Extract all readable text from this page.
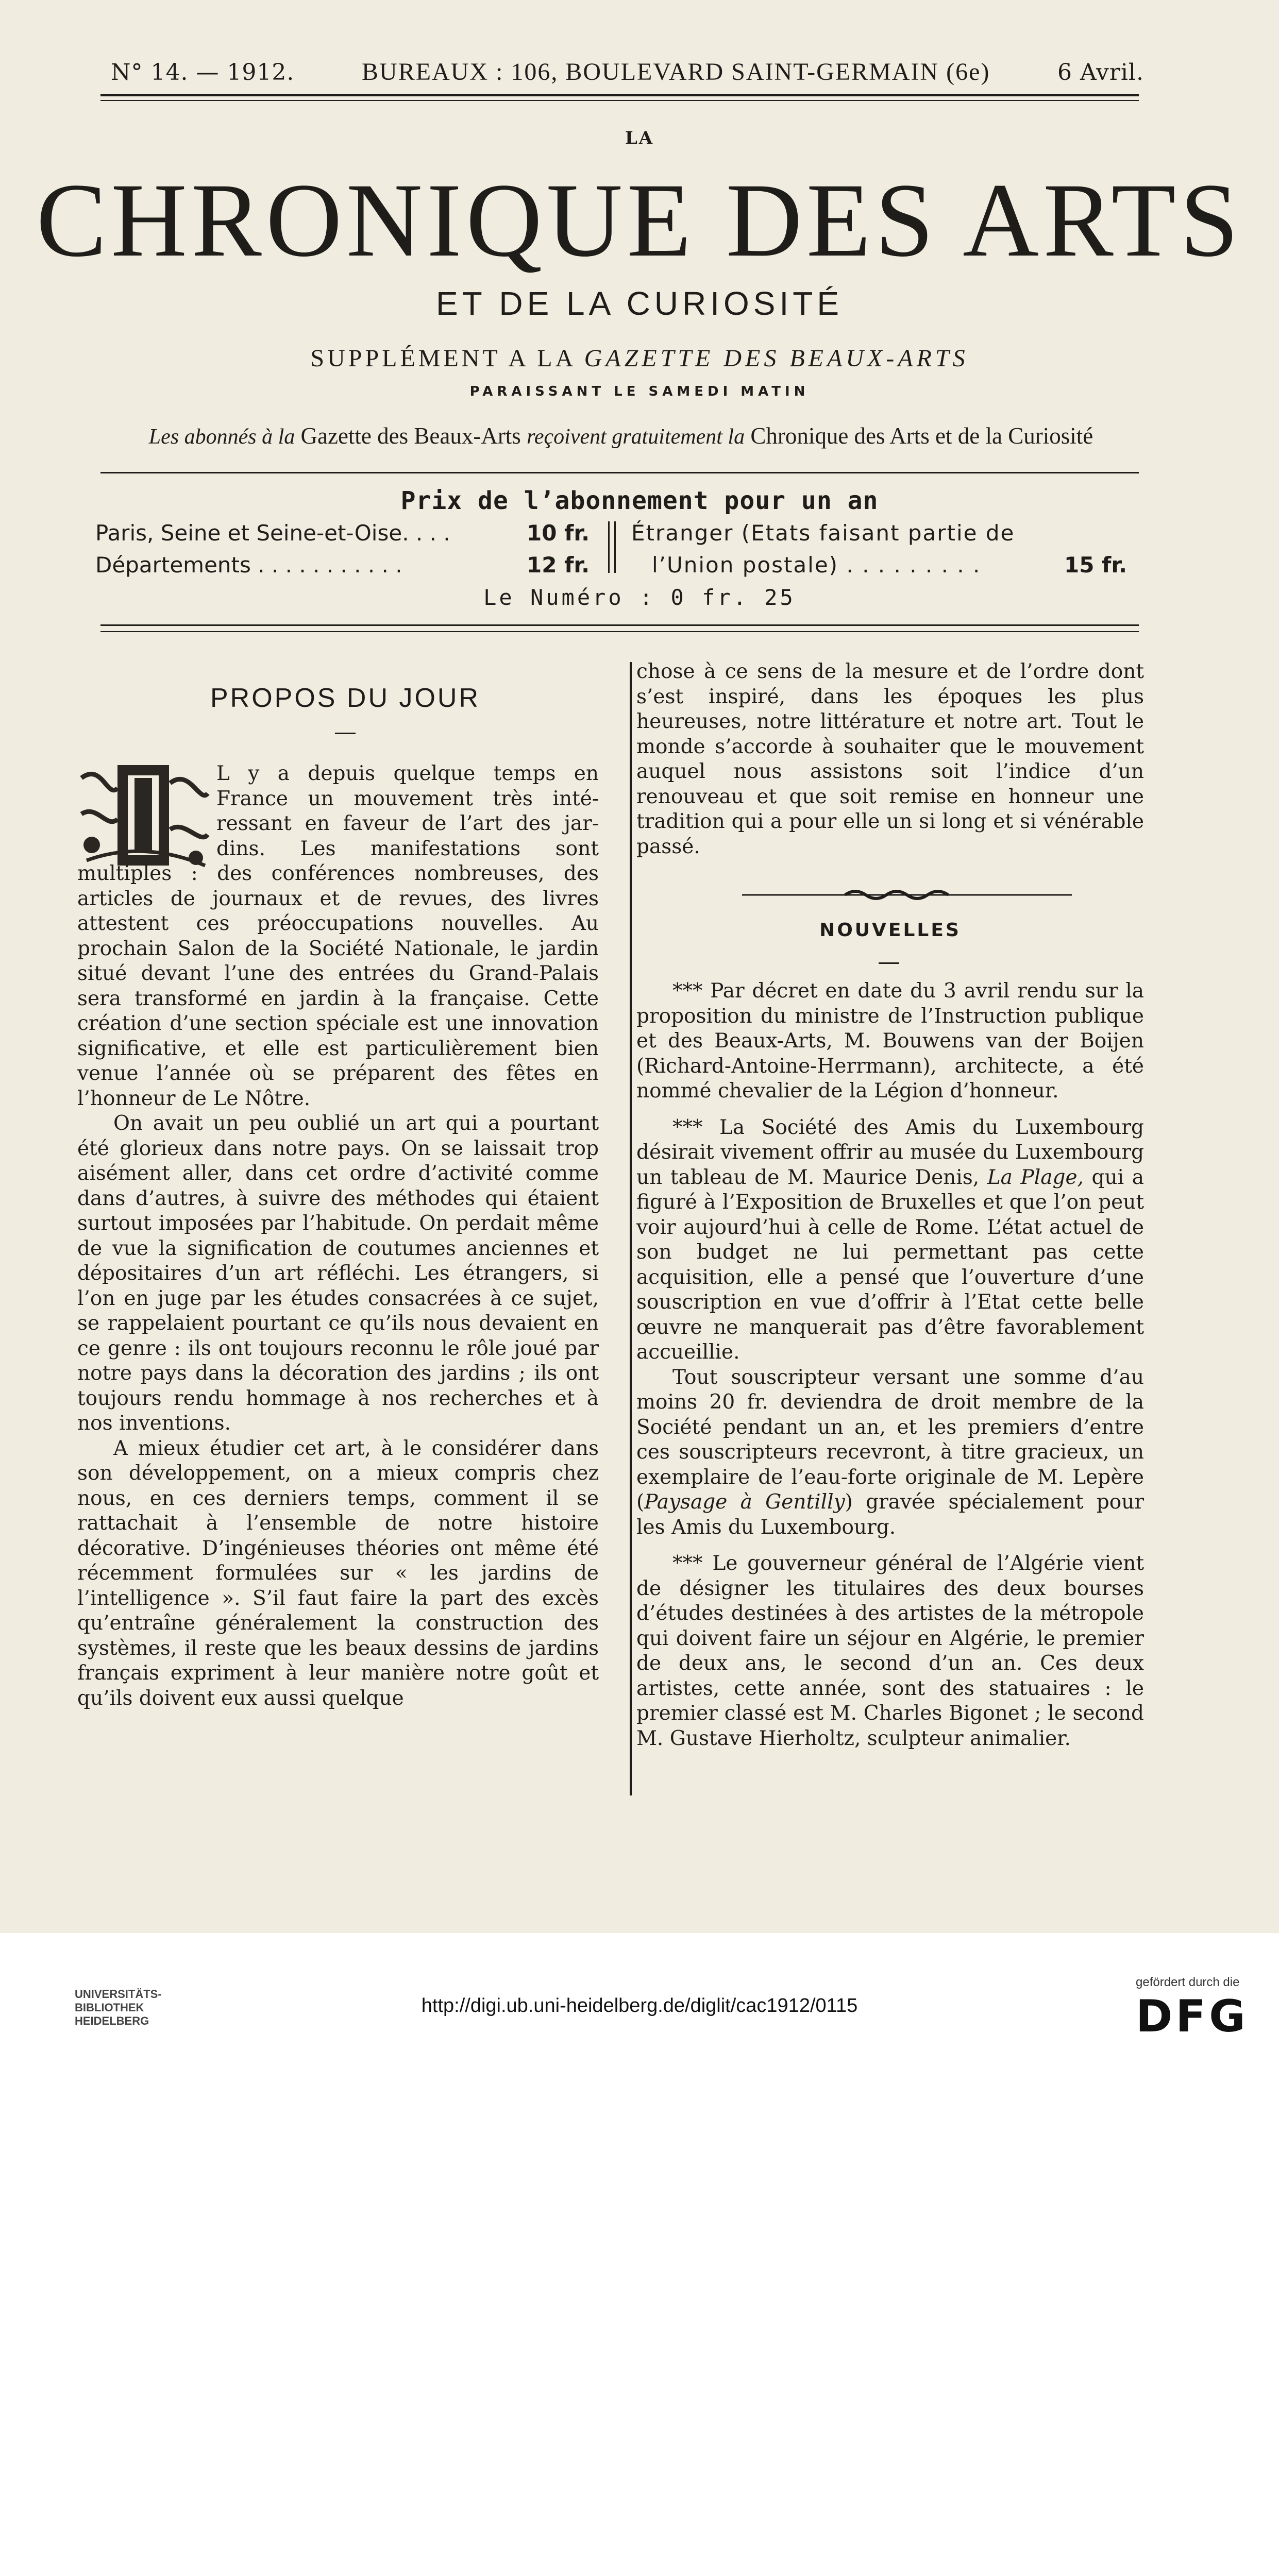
N° 14. — 1912.	BUREAUX : 106, BOULEVARD SAINT-GERMAIN (6e)	6 Avril.
LA
CHRONIQUE DES ARTS
ET DE LA CURIOSITÉ
SUPPLÉMENT A LA GAZETTE DES BEAUX-ARTS
PARAISSANT LE SAMEDI MATIN
Les abonnés à la Gazette des Beaux-Arts reçoivent gratuitement la Chronique des Arts et de la Curiosité
Prix de l’abonnement pour un an
Paris, Seine et Seine-et-Oise. . . .	10 fr.
Départements . . . . . . . . . . .	12 fr.
Étranger (Etats faisant partie de
l’Union postale) . . . . . . . . .	15 fr.
Le Numéro : 0 fr. 25
PROPOS DU JOUR

L y a depuis quelque temps en

France un mouvement très inté-

ressant en faveur de l’art des jar-

dins. Les manifestations sont

multiples : des conférences nombreuses, des articles de journaux et de revues, des livres attestent ces préoccupations nouvelles. Au prochain Salon de la Société Nationale, le jardin situé devant l’une des entrées du Grand-Palais sera transformé en jardin à la française. Cette création d’une section spéciale est une innovation significative, et elle est particulièrement bien venue l’année où se préparent des fêtes en l’honneur de Le Nôtre.

On avait un peu oublié un art qui a pourtant été glorieux dans notre pays. On se laissait trop aisément aller, dans cet ordre d’activité comme dans d’autres, à suivre des méthodes qui étaient surtout imposées par l’habitude. On perdait même de vue la signification de coutumes anciennes et dépositaires d’un art réfléchi. Les étrangers, si l’on en juge par les études consacrées à ce sujet, se rappelaient pourtant ce qu’ils nous devaient en ce genre : ils ont toujours reconnu le rôle joué par notre pays dans la décoration des jardins ; ils ont toujours rendu hommage à nos recherches et à nos inventions.

A mieux étudier cet art, à le considérer dans son développement, on a mieux compris chez nous, en ces derniers temps, comment il se rattachait à l’ensemble de notre histoire décorative. D’ingénieuses théories ont même été récemment formulées sur « les jardins de l’intelligence ». S’il faut faire la part des excès qu’entraîne généralement la construction des systèmes, il reste que les beaux dessins de jardins français expriment à leur manière notre goût et qu’ils doivent eux aussi quelque

chose à ce sens de la mesure et de l’ordre dont s’est inspiré, dans les époques les plus heureuses, notre littérature et notre art. Tout le monde s’accorde à souhaiter que le mouvement auquel nous assistons soit l’indice d’un renouveau et que soit remise en honneur une tradition qui a pour elle un si long et si vénérable passé.

NOUVELLES

*** Par décret en date du 3 avril rendu sur la proposition du ministre de l’Instruction publique et des Beaux-Arts, M. Bouwens van der Boijen (Richard-Antoine-Herrmann), architecte, a été nommé chevalier de la Légion d’honneur.

*** La Société des Amis du Luxembourg désirait vivement offrir au musée du Luxembourg un tableau de M. Maurice Denis, La Plage, qui a figuré à l’Exposition de Bruxelles et que l’on peut voir aujourd’hui à celle de Rome. L’état actuel de son budget ne lui permettant pas cette acquisition, elle a pensé que l’ouverture d’une souscription en vue d’offrir à l’Etat cette belle œuvre ne manquerait pas d’être favorablement accueillie.

Tout souscripteur versant une somme d’au moins 20 fr. deviendra de droit membre de la Société pendant un an, et les premiers d’entre ces souscripteurs recevront, à titre gracieux, un exemplaire de l’eau-forte originale de M. Lepère (Paysage à Gentilly) gravée spécialement pour les Amis du Luxembourg.

*** Le gouverneur général de l’Algérie vient de désigner les titulaires des deux bourses d’études destinées à des artistes de la métropole qui doivent faire un séjour en Algérie, le premier de deux ans, le second d’un an. Ces deux artistes, cette année, sont des statuaires : le premier classé est M. Charles Bigonet ; le second M. Gustave Hierholtz, sculpteur animalier.

UNIVERSITÄTS-
BIBLIOTHEK
HEIDELBERG
http://digi.ub.uni-heidelberg.de/diglit/cac1912/0115
gefördert durch die
DFG
